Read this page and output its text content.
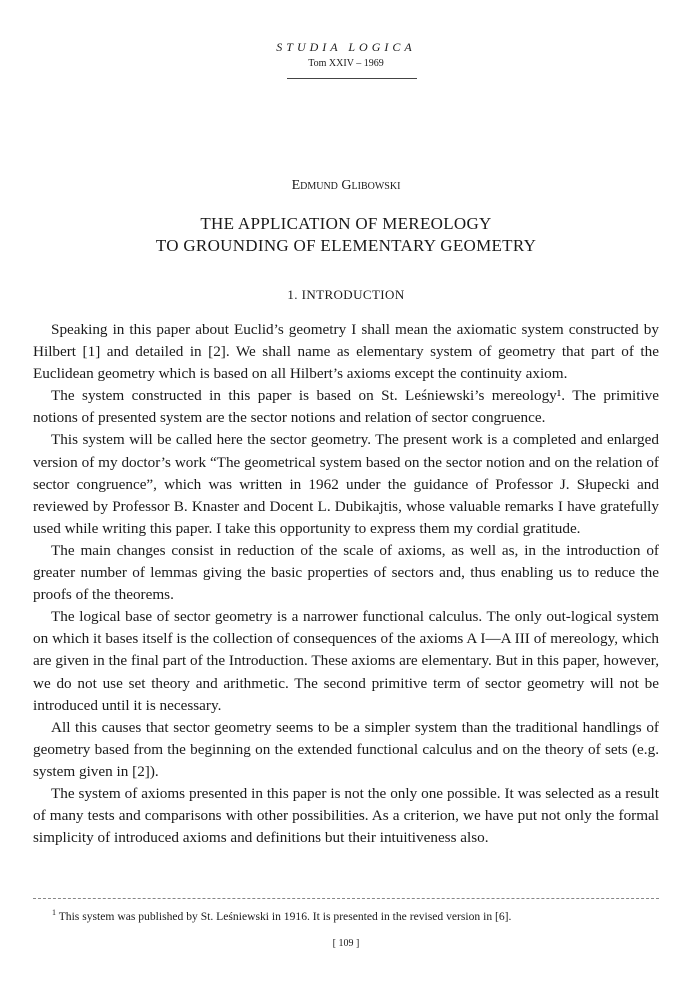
STUDIA LOGICA
Tom XXIV – 1969
Edmund Glibowski
THE APPLICATION OF MEREOLOGY
TO GROUNDING OF ELEMENTARY GEOMETRY
1. INTRODUCTION

Speaking in this paper about Euclid’s geometry I shall mean the axiomatic system constructed by Hilbert [1] and detailed in [2]. We shall name as elementary system of geometry that part of the Euclidean geometry which is based on all Hilbert’s axioms except the continuity axiom.

The system constructed in this paper is based on St. Leśniewski’s mereology¹. The primitive notions of presented system are the sector notions and relation of sector congruence.

This system will be called here the sector geometry. The present work is a completed and enlarged version of my doctor’s work “The geometrical system based on the sector notion and on the relation of sector congruence”, which was written in 1962 under the guidance of Professor J. Słupecki and reviewed by Professor B. Knaster and Docent L. Dubikajtis, whose valuable remarks I have gratefully used while writing this paper. I take this opportunity to express them my cordial gratitude.

The main changes consist in reduction of the scale of axioms, as well as, in the introduction of greater number of lemmas giving the basic properties of sectors and, thus enabling us to reduce the proofs of the theorems.

The logical base of sector geometry is a narrower functional calculus. The only out-logical system on which it bases itself is the collection of consequences of the axioms A I—A III of mereology, which are given in the final part of the Introduction. These axioms are elementary. But in this paper, however, we do not use set theory and arithmetic. The second primitive term of sector geometry will not be introduced until it is necessary.

All this causes that sector geometry seems to be a simpler system than the traditional handlings of geometry based from the beginning on the extended functional calculus and on the theory of sets (e.g. system given in [2]).

The system of axioms presented in this paper is not the only one possible. It was selected as a result of many tests and comparisons with other possibilities. As a criterion, we have put not only the formal simplicity of introduced axioms and definitions but their intuitiveness also.

$^1$ This system was published by St. Leśniewski in 1916. It is presented in the revised version in [6].
[ 109 ]
